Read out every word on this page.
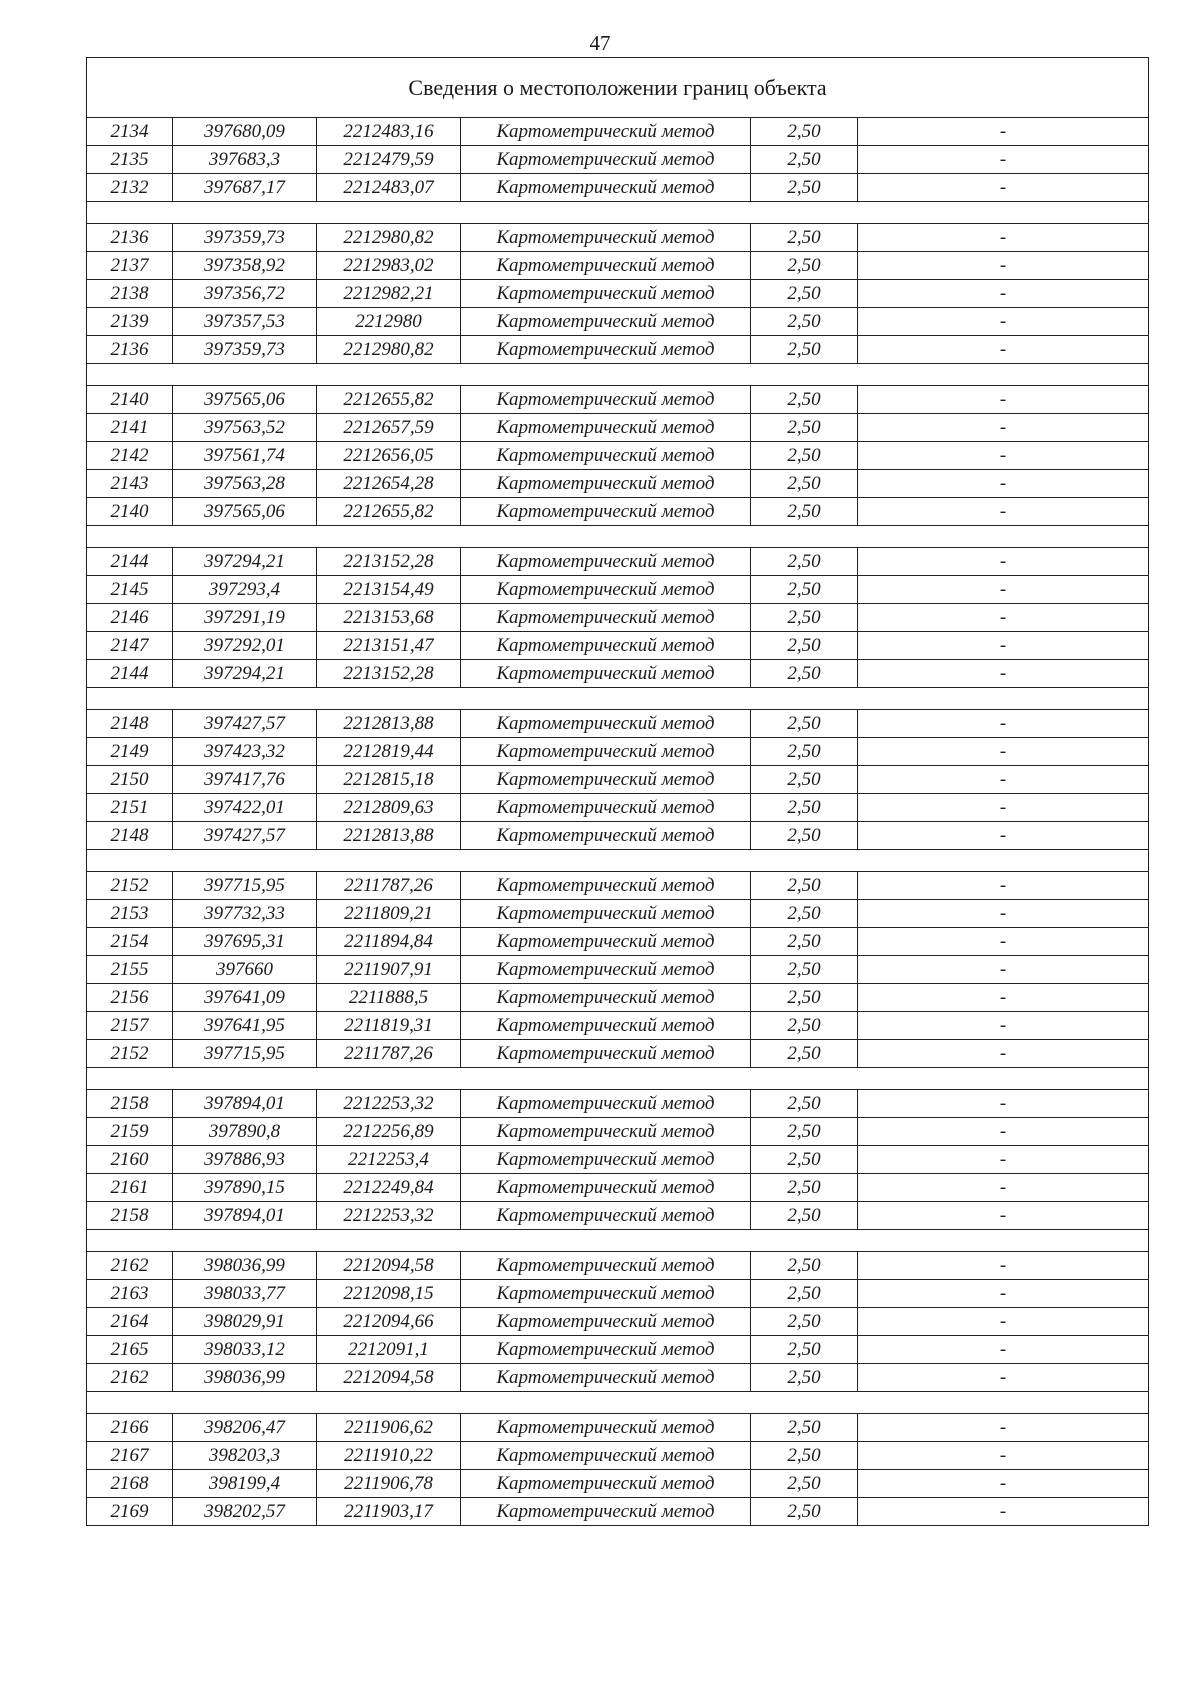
47
Сведения о местоположении границ объекта					
2134	397680,09	2212483,16	Картометрический метод	2,50	-
2135	397683,3	2212479,59	Картометрический метод	2,50	-
2132	397687,17	2212483,07	Картометрический метод	2,50	-

2136	397359,73	2212980,82	Картометрический метод	2,50	-
2137	397358,92	2212983,02	Картометрический метод	2,50	-
2138	397356,72	2212982,21	Картометрический метод	2,50	-
2139	397357,53	2212980	Картометрический метод	2,50	-
2136	397359,73	2212980,82	Картометрический метод	2,50	-

2140	397565,06	2212655,82	Картометрический метод	2,50	-
2141	397563,52	2212657,59	Картометрический метод	2,50	-
2142	397561,74	2212656,05	Картометрический метод	2,50	-
2143	397563,28	2212654,28	Картометрический метод	2,50	-
2140	397565,06	2212655,82	Картометрический метод	2,50	-

2144	397294,21	2213152,28	Картометрический метод	2,50	-
2145	397293,4	2213154,49	Картометрический метод	2,50	-
2146	397291,19	2213153,68	Картометрический метод	2,50	-
2147	397292,01	2213151,47	Картометрический метод	2,50	-
2144	397294,21	2213152,28	Картометрический метод	2,50	-

2148	397427,57	2212813,88	Картометрический метод	2,50	-
2149	397423,32	2212819,44	Картометрический метод	2,50	-
2150	397417,76	2212815,18	Картометрический метод	2,50	-
2151	397422,01	2212809,63	Картометрический метод	2,50	-
2148	397427,57	2212813,88	Картометрический метод	2,50	-

2152	397715,95	2211787,26	Картометрический метод	2,50	-
2153	397732,33	2211809,21	Картометрический метод	2,50	-
2154	397695,31	2211894,84	Картометрический метод	2,50	-
2155	397660	2211907,91	Картометрический метод	2,50	-
2156	397641,09	2211888,5	Картометрический метод	2,50	-
2157	397641,95	2211819,31	Картометрический метод	2,50	-
2152	397715,95	2211787,26	Картометрический метод	2,50	-

2158	397894,01	2212253,32	Картометрический метод	2,50	-
2159	397890,8	2212256,89	Картометрический метод	2,50	-
2160	397886,93	2212253,4	Картометрический метод	2,50	-
2161	397890,15	2212249,84	Картометрический метод	2,50	-
2158	397894,01	2212253,32	Картометрический метод	2,50	-

2162	398036,99	2212094,58	Картометрический метод	2,50	-
2163	398033,77	2212098,15	Картометрический метод	2,50	-
2164	398029,91	2212094,66	Картометрический метод	2,50	-
2165	398033,12	2212091,1	Картометрический метод	2,50	-
2162	398036,99	2212094,58	Картометрический метод	2,50	-

2166	398206,47	2211906,62	Картометрический метод	2,50	-
2167	398203,3	2211910,22	Картометрический метод	2,50	-
2168	398199,4	2211906,78	Картометрический метод	2,50	-
2169	398202,57	2211903,17	Картометрический метод	2,50	-
